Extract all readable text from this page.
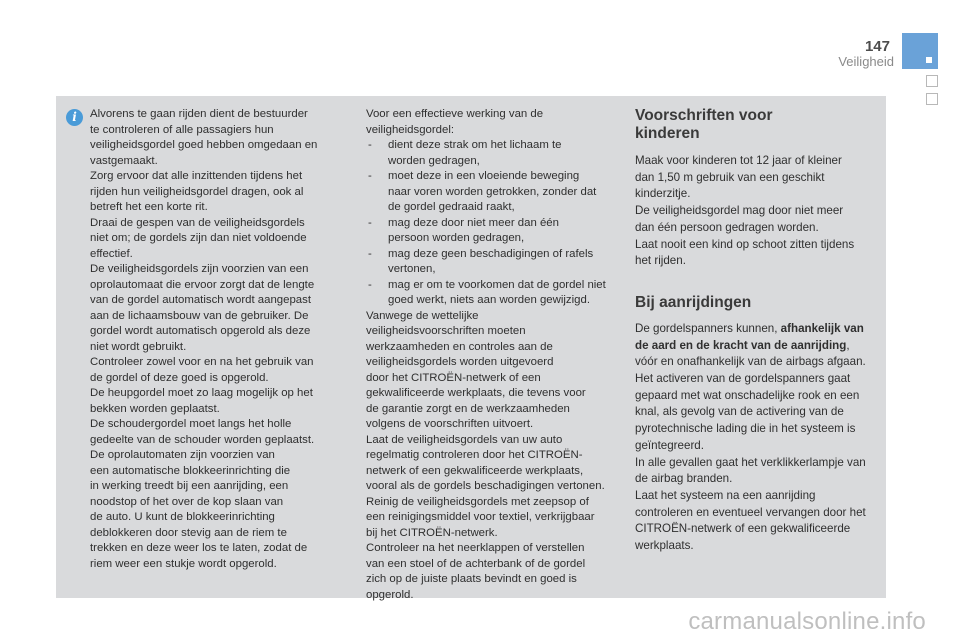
147
Veiligheid
i	Alvorens te gaan rijden dient de bestuurder

te controleren of alle passagiers hun

veiligheidsgordel goed hebben omgedaan en

vastgemaakt.

Zorg ervoor dat alle inzittenden tijdens het

rijden hun veiligheidsgordel dragen, ook al

betreft het een korte rit.

Draai de gespen van de veiligheidsgordels

niet om; de gordels zijn dan niet voldoende

effectief.

De veiligheidsgordels zijn voorzien van een

oprolautomaat die ervoor zorgt dat de lengte

van de gordel automatisch wordt aangepast

aan de lichaamsbouw van de gebruiker. De

gordel wordt automatisch opgerold als deze

niet wordt gebruikt.

Controleer zowel voor en na het gebruik van

de gordel of deze goed is opgerold.

De heupgordel moet zo laag mogelijk op het

bekken worden geplaatst.

De schoudergordel moet langs het holle

gedeelte van de schouder worden geplaatst.

De oprolautomaten zijn voorzien van

een automatische blokkeerinrichting die

in werking treedt bij een aanrijding, een

noodstop of het over de kop slaan van

de auto. U kunt de blokkeerinrichting

deblokkeren door stevig aan de riem te

trekken en deze weer los te laten, zodat de

riem weer een stukje wordt opgerold.

Voor een effectieve werking van de

veiligheidsgordel:

- dient deze strak om het lichaam te

worden gedragen,

- moet deze in een vloeiende beweging

naar voren worden getrokken, zonder dat

de gordel gedraaid raakt,

- mag deze door niet meer dan één

persoon worden gedragen,

- mag deze geen beschadigingen of rafels

vertonen,

- mag er om te voorkomen dat de gordel niet

goed werkt, niets aan worden gewijzigd.

Vanwege de wettelijke

veiligheidsvoorschriften moeten

werkzaamheden en controles aan de

veiligheidsgordels worden uitgevoerd

door het CITROËN-netwerk of een

gekwalificeerde werkplaats, die tevens voor

de garantie zorgt en de werkzaamheden

volgens de voorschriften uitvoert.

Laat de veiligheidsgordels van uw auto

regelmatig controleren door het CITROËN-

netwerk of een gekwalificeerde werkplaats,

vooral als de gordels beschadigingen vertonen.

Reinig de veiligheidsgordels met zeepsop of

een reinigingsmiddel voor textiel, verkrijgbaar

bij het CITROËN-netwerk.

Controleer na het neerklappen of verstellen

van een stoel of de achterbank of de gordel

zich op de juiste plaats bevindt en goed is

opgerold.

Voorschriften voor
kinderen

Maak voor kinderen tot 12 jaar of kleiner

dan 1,50 m gebruik van een geschikt

kinderzitje.

De veiligheidsgordel mag door niet meer

dan één persoon gedragen worden.

Laat nooit een kind op schoot zitten tijdens

het rijden.

Bij aanrijdingen
De gordelspanners kunnen, afhankelijk van
de aard en de kracht van de aanrijding,

vóór en onafhankelijk van de airbags afgaan.

Het activeren van de gordelspanners gaat

gepaard met wat onschadelijke rook en een

knal, als gevolg van de activering van de

pyrotechnische lading die in het systeem is

geïntegreerd.

In alle gevallen gaat het verklikkerlampje van

de airbag branden.

Laat het systeem na een aanrijding

controleren en eventueel vervangen door het

CITROËN-netwerk of een gekwalificeerde

werkplaats.

carmanualsonline.info
